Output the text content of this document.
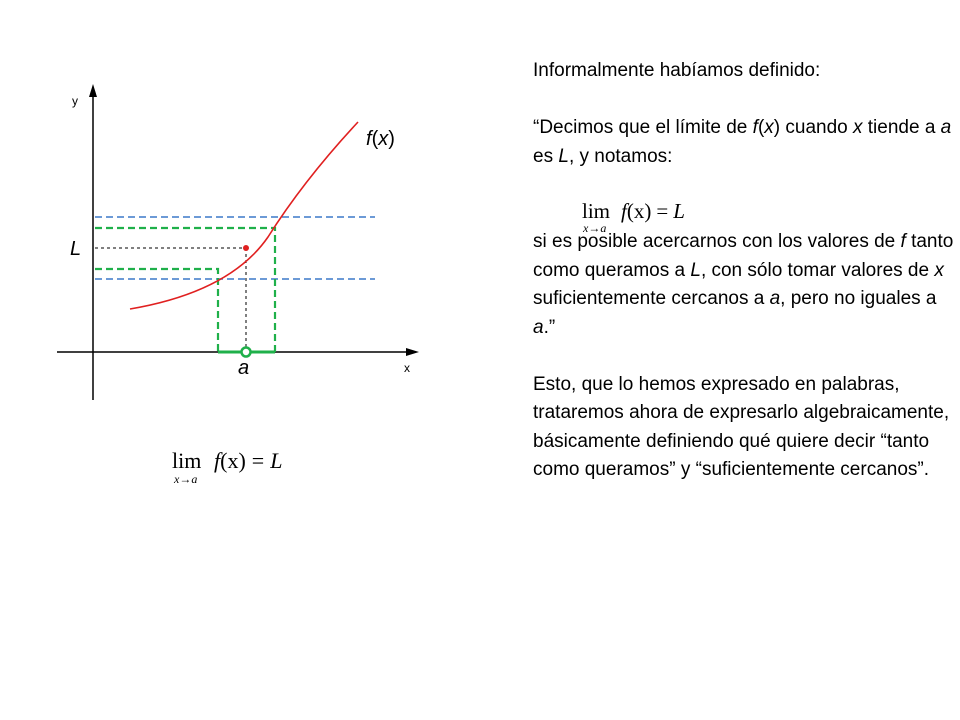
y
x
f(x)
L
a
lim
x→a
f(x) = L

Informalmente habíamos definido:

“Decimos que el límite de f(x) cuando x tiende a a es L, y notamos:

si es posible acercarnos con los valores de f tanto como queramos a L, con sólo tomar valores de x suficientemente cercanos a a, pero no iguales a a.”

Esto, que lo hemos expresado en palabras, trataremos ahora de expresarlo algebraicamente, básicamente definiendo qué quiere decir “tanto como queramos” y “suficientemente cercanos”.

lim
x→a
f(x) = L
